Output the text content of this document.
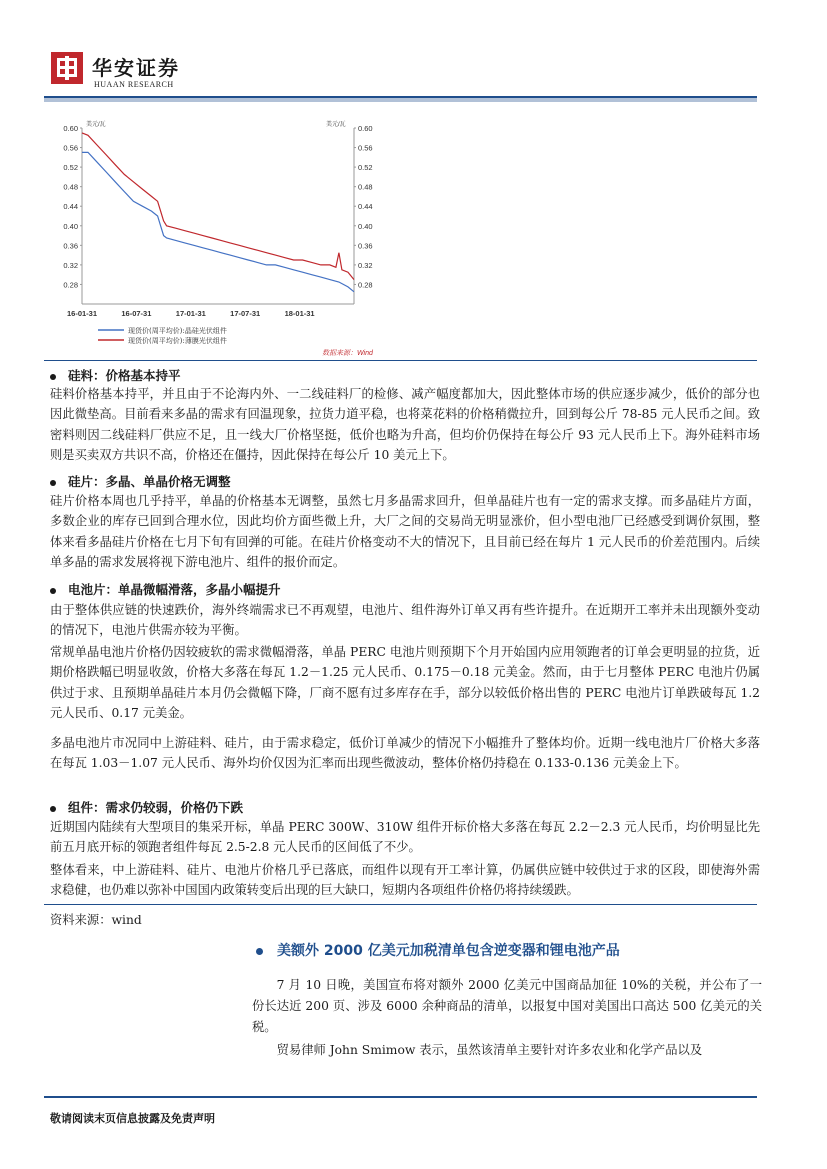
华安证券
HUAAN RESEARCH
美元/瓦	美元/瓦
0.60	0.60
0.56	0.56
0.52	0.52
0.48	0.48
0.44	0.44
0.40	0.40
0.36	0.36
0.32	0.32
0.28	0.28
16-01-31	16-07-31	17-01-31	17-07-31	18-01-31
现货价(周平均价):晶硅光伏组件
现货价(周平均价):薄膜光伏组件
数据来源：Wind
硅料：价格基本持平
硅料价格基本持平，并且由于不论海内外、一二线硅料厂的检修、减产幅度都加大，因此整体市场的供应逐步减少，低价的部分也因此微垫高。目前看来多晶的需求有回温现象，拉货力道平稳，也将菜花料的价格稍微拉升，回到每公斤 78-85 元人民币之间。致密料则因二线硅料厂供应不足，且一线大厂价格坚挺，低价也略为升高，但均价仍保持在每公斤 93 元人民币上下。海外硅料市场则是买卖双方共识不高，价格还在僵持，因此保持在每公斤 10 美元上下。
硅片：多晶、单晶价格无调整
硅片价格本周也几乎持平，单晶的价格基本无调整，虽然七月多晶需求回升，但单晶硅片也有一定的需求支撑。而多晶硅片方面，多数企业的库存已回到合理水位，因此均价方面些微上升，大厂之间的交易尚无明显涨价，但小型电池厂已经感受到调价氛围，整体来看多晶硅片价格在七月下旬有回弹的可能。在硅片价格变动不大的情况下，且目前已经在每片 1 元人民币的价差范围内。后续单多晶的需求发展将视下游电池片、组件的报价而定。
电池片：单晶微幅滑落，多晶小幅提升
由于整体供应链的快速跌价，海外终端需求已不再观望，电池片、组件海外订单又再有些许提升。在近期开工率并未出现额外变动的情况下，电池片供需亦较为平衡。
常规单晶电池片价格仍因较疲软的需求微幅滑落，单晶 PERC 电池片则预期下个月开始国内应用领跑者的订单会更明显的拉货，近期价格跌幅已明显收敛，价格大多落在每瓦 1.2－1.25 元人民币、0.175－0.18 元美金。然而，由于七月整体 PERC 电池片仍属供过于求、且预期单晶硅片本月仍会微幅下降，厂商不愿有过多库存在手，部分以较低价格出售的 PERC 电池片订单跌破每瓦 1.2 元人民币、0.17 元美金。
多晶电池片市况同中上游硅料、硅片，由于需求稳定，低价订单减少的情况下小幅推升了整体均价。近期一线电池片厂价格大多落在每瓦 1.03－1.07 元人民币、海外均价仅因为汇率而出现些微波动，整体价格仍持稳在 0.133-0.136 元美金上下。
组件：需求仍较弱，价格仍下跌
近期国内陆续有大型项目的集采开标，单晶 PERC 300W、310W 组件开标价格大多落在每瓦 2.2－2.3 元人民币，均价明显比先前五月底开标的领跑者组件每瓦 2.5-2.8 元人民币的区间低了不少。
整体看来，中上游硅料、硅片、电池片价格几乎已落底，而组件以现有开工率计算，仍属供应链中较供过于求的区段，即使海外需求稳健，也仍难以弥补中国国内政策转变后出现的巨大缺口，短期内各项组件价格仍将持续缓跌。
资料来源：wind
美额外 2000 亿美元加税清单包含逆变器和锂电池产品
7 月 10 日晚，美国宣布将对额外 2000 亿美元中国商品加征 10%的关税，并公布了一份长达近 200 页、涉及 6000 余种商品的清单，以报复中国对美国出口高达 500 亿美元的关税。
贸易律师 John Smimow 表示，虽然该清单主要针对许多农业和化学产品以及
敬请阅读末页信息披露及免责声明
